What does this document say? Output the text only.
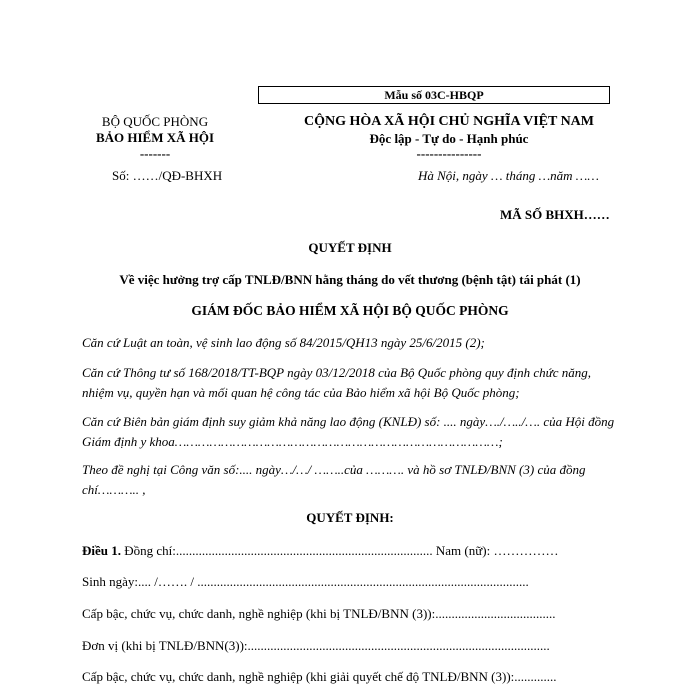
Mẫu số 03C-HBQP
BỘ QUỐC PHÒNG
BẢO HIỂM XÃ HỘI
-------
Số: ……/QĐ-BHXH
CỘNG HÒA XÃ HỘI CHỦ NGHĨA VIỆT NAM
Độc lập - Tự do - Hạnh phúc
---------------
Hà Nội, ngày … tháng …năm ……
MÃ SỐ BHXH……
QUYẾT ĐỊNH
Về việc hưởng trợ cấp TNLĐ/BNN hằng tháng do vết thương (bệnh tật) tái phát (1)
GIÁM ĐỐC BẢO HIỂM XÃ HỘI BỘ QUỐC PHÒNG
Căn cứ Luật an toàn, vệ sinh lao động số 84/2015/QH13 ngày 25/6/2015 (2);
Căn cứ Thông tư số 168/2018/TT-BQP ngày 03/12/2018 của Bộ Quốc phòng quy định chức năng, nhiệm vụ, quyền hạn và mối quan hệ công tác của Bảo hiểm xã hội Bộ Quốc phòng;
Căn cứ Biên bản giám định suy giảm khả năng lao động (KNLĐ) số: .... ngày…./…../…. của Hội đồng Giám định y khoa…………………………………………………………………………;
Theo đề nghị tại Công văn số:.... ngày…/…/ ……..của ………. và hồ sơ TNLĐ/BNN (3) của đồng chí……….. ,
QUYẾT ĐỊNH:
Điều 1. Đồng chí:............................................................................... Nam (nữ): ……………
Sinh ngày:.... /……. / ......................................................................................................
Cấp bậc, chức vụ, chức danh, nghề nghiệp (khi bị TNLĐ/BNN (3)):.....................................
Đơn vị (khi bị TNLĐ/BNN(3)):.............................................................................................
Cấp bậc, chức vụ, chức danh, nghề nghiệp (khi giải quyết chế độ TNLĐ/BNN (3)):.............
